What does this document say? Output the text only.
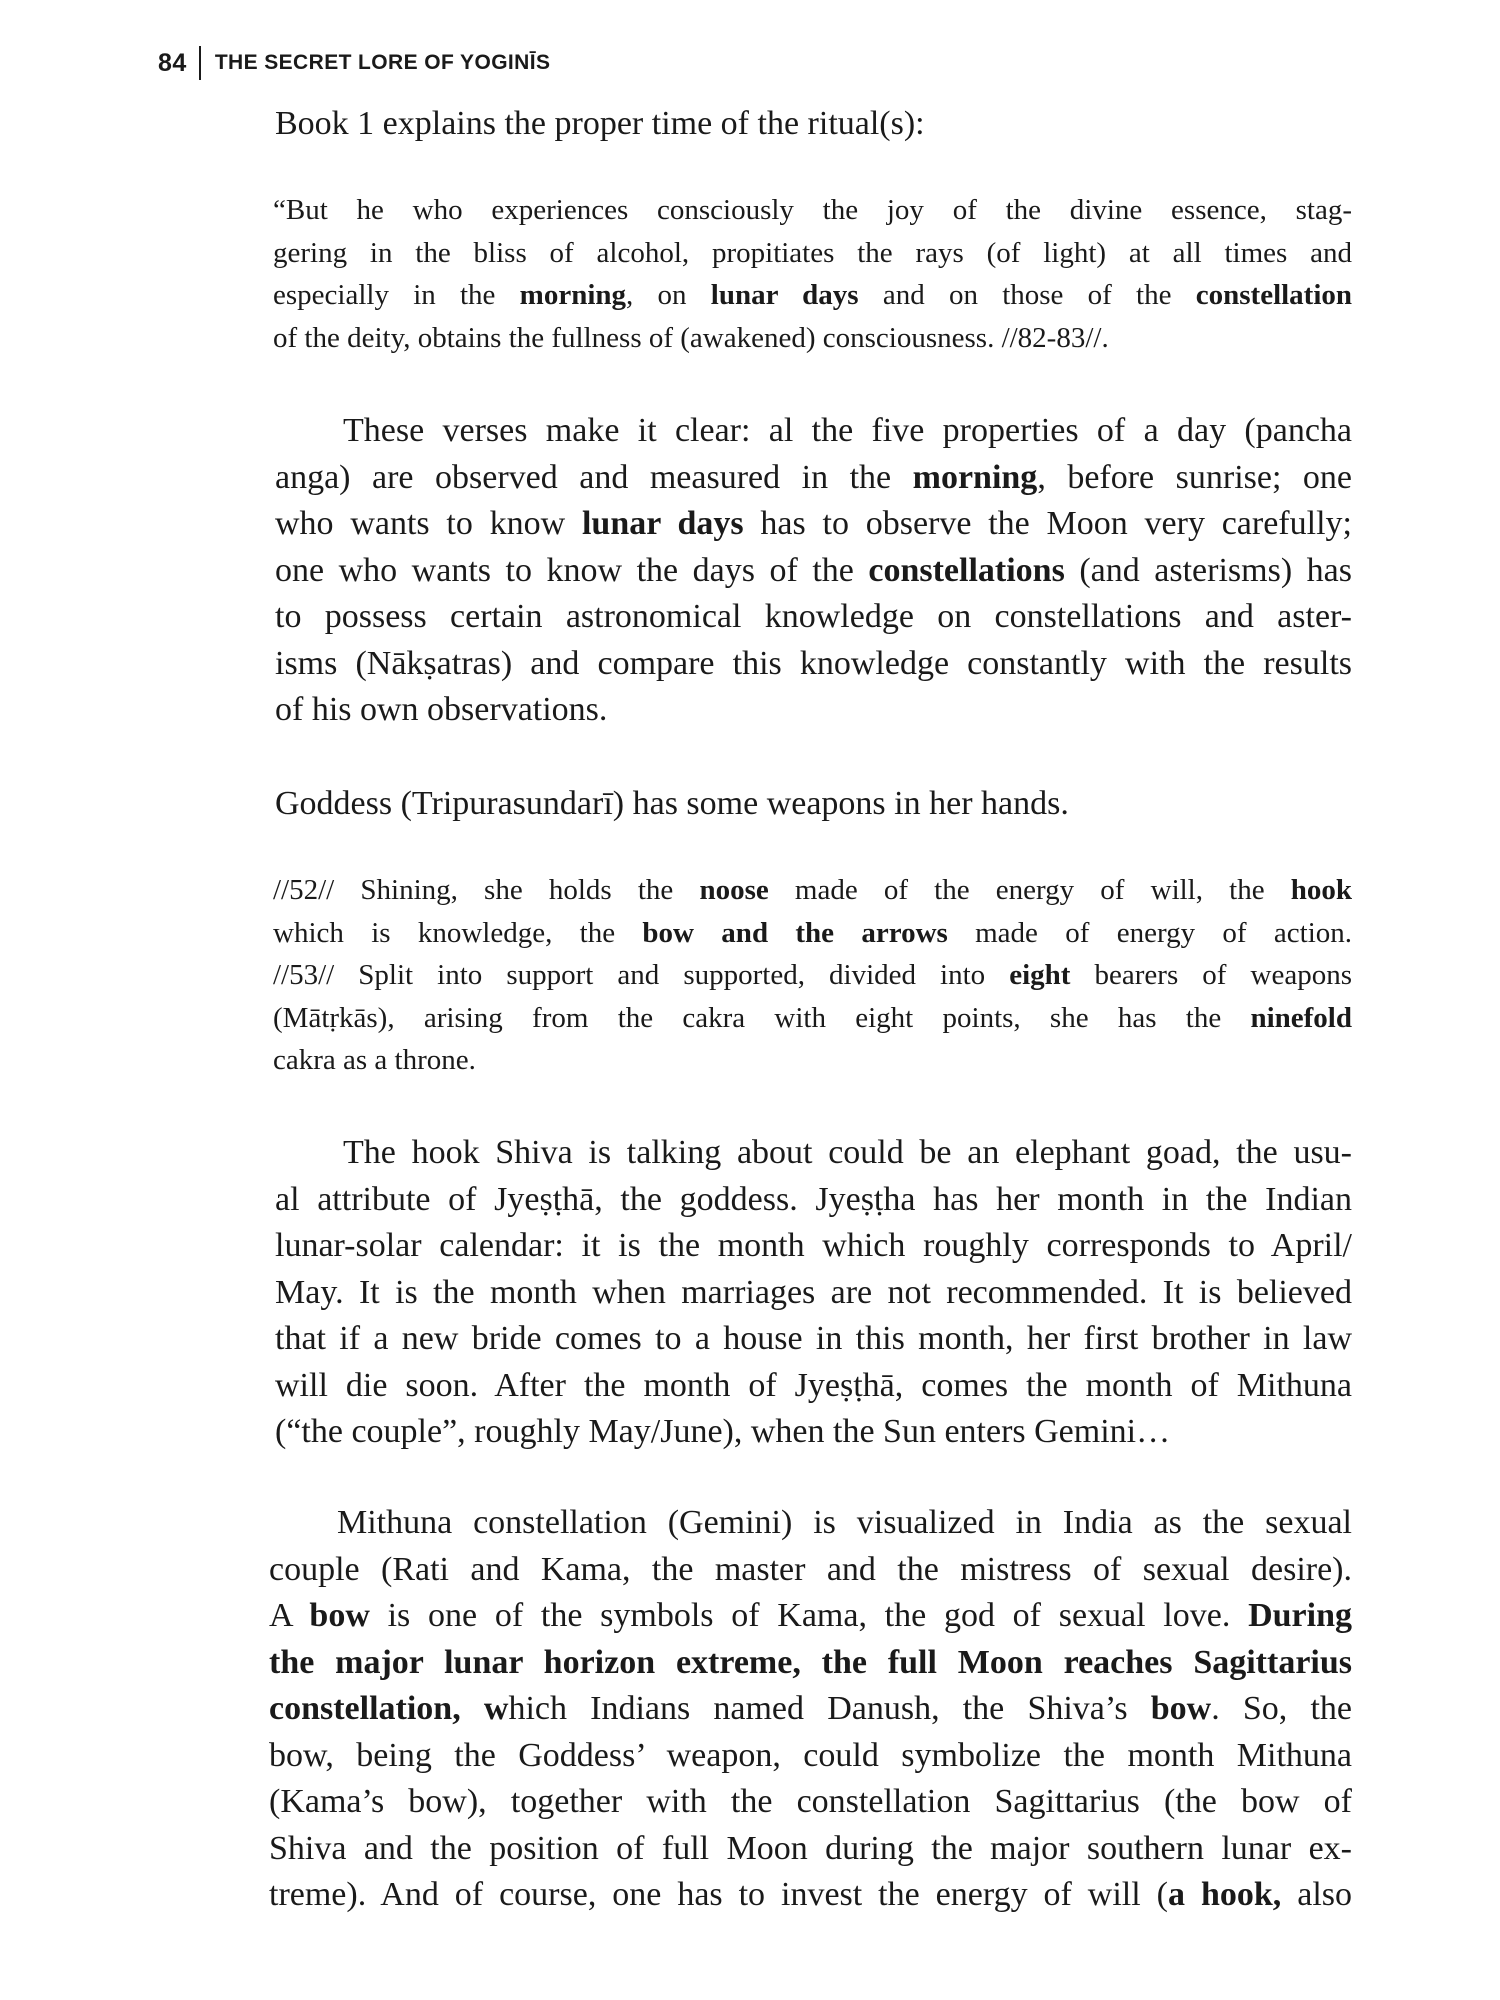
84 THE SECRET LORE OF YOGINĪS

Book 1 explains the proper time of the ritual(s):

“But he who experiences consciously the joy of the divine essence, stag-
gering in the bliss of alcohol, propitiates the rays (of light) at all times and
especially in the morning, on lunar days and on those of the constellation
of the deity, obtains the fullness of (awakened) consciousness. //82-83//.
These verses make it clear: al the five properties of a day (pancha
anga) are observed and measured in the morning, before sunrise; one
who wants to know lunar days has to observe the Moon very carefully;
one who wants to know the days of the constellations (and asterisms) has
to possess certain astronomical knowledge on constellations and aster-
isms (Nākṣatras) and compare this knowledge constantly with the results
of his own observations.

Goddess (Tripurasundarī) has some weapons in her hands.

//52// Shining, she holds the noose made of the energy of will, the hook
which is knowledge, the bow and the arrows made of energy of action.
//53// Split into support and supported, divided into eight bearers of weapons
(Mātṛkās), arising from the cakra with eight points, she has the ninefold
cakra as a throne.
The hook Shiva is talking about could be an elephant goad, the usu-
al attribute of Jyeṣṭhā, the goddess. Jyeṣṭha has her month in the Indian
lunar-solar calendar: it is the month which roughly corresponds to April/
May. It is the month when marriages are not recommended. It is believed
that if a new bride comes to a house in this month, her first brother in law
will die soon. After the month of Jyeṣṭhā, comes the month of Mithuna
(“the couple”, roughly May/June), when the Sun enters Gemini…
Mithuna constellation (Gemini) is visualized in India as the sexual
couple (Rati and Kama, the master and the mistress of sexual desire).
A bow is one of the symbols of Kama, the god of sexual love. During
the major lunar horizon extreme, the full Moon reaches Sagittarius
constellation, which Indians named Danush, the Shiva’s bow. So, the
bow, being the Goddess’ weapon, could symbolize the month Mithuna
(Kama’s bow), together with the constellation Sagittarius (the bow of
Shiva and the position of full Moon during the major southern lunar ex-
treme). And of course, one has to invest the energy of will (a hook, also
